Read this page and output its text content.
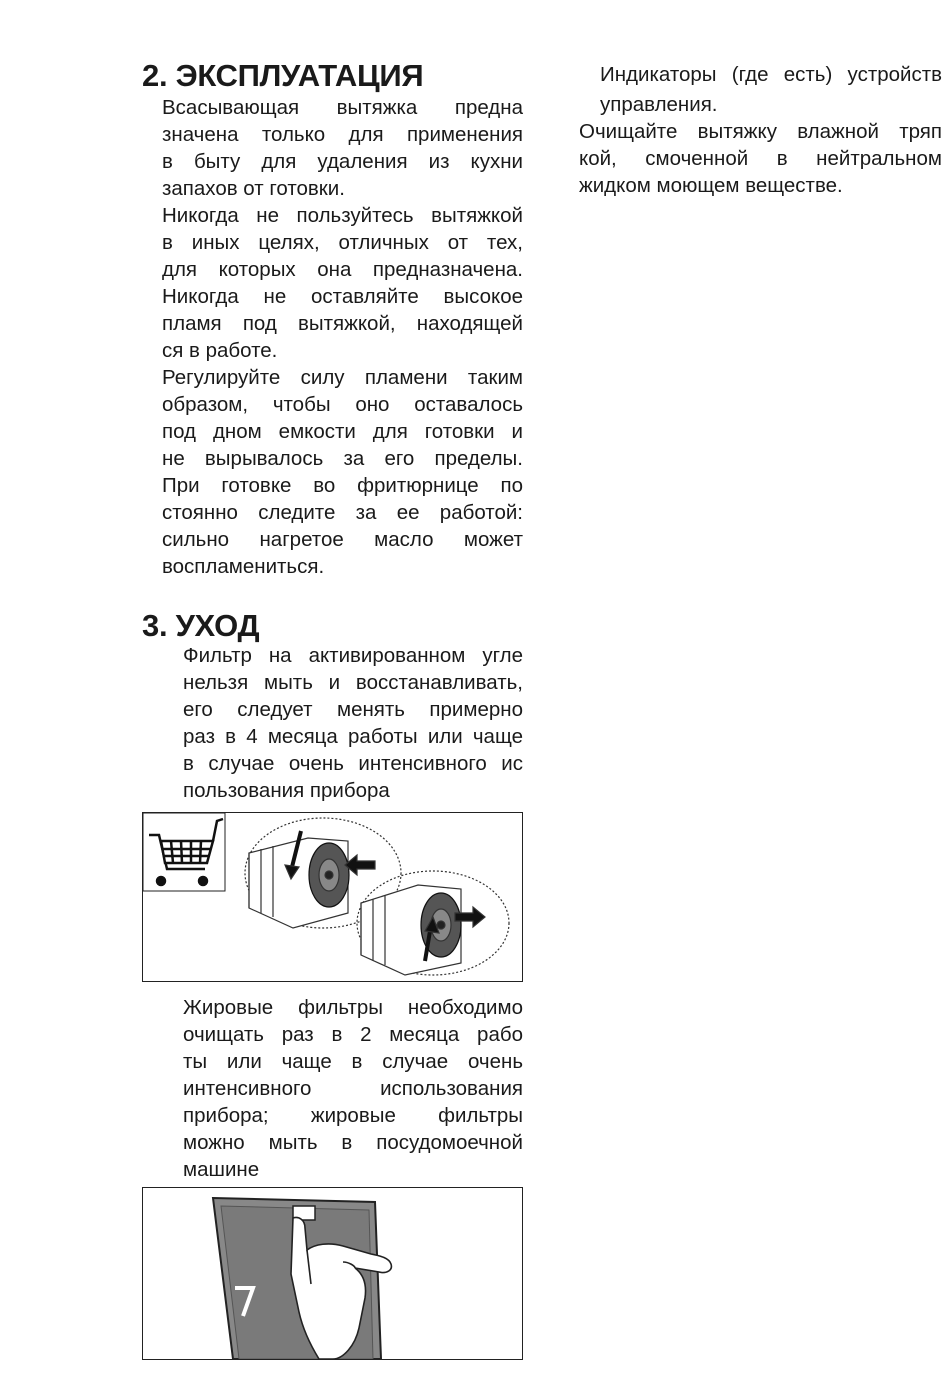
2. ЭКСПЛУАТАЦИЯ
Всасывающая вытяжка предна
значена только для применения
в быту для удаления из кухни
запахов от готовки.
Никогда не пользуйтесь вытяжкой
в иных целях, отличных от тех,
для которых она предназначена.
Никогда не оставляйте высокое
пламя под вытяжкой, находящей
ся в работе.
Регулируйте силу пламени таким
образом, чтобы оно оставалось
под дном емкости для готовки и
не вырывалось за его пределы.
При готовке во фритюрнице по
стоянно следите за ее работой:
сильно нагретое масло может
воспламениться.
3. УХОД
Фильтр на активированном угле
нельзя мыть и восстанавливать,
его следует менять примерно
раз в 4 месяца работы или чаще
в случае очень интенсивного ис
пользования прибора
Жировые фильтры необходимо
очищать раз в 2 месяца рабо
ты или чаще в случае очень
интенсивного использования
прибора; жировые фильтры
можно мыть в посудомоечной
машине
Индикаторы (где есть) устройств
управления.
Очищайте вытяжку влажной тряп
кой, смоченной в нейтральном
жидком моющем веществе.
